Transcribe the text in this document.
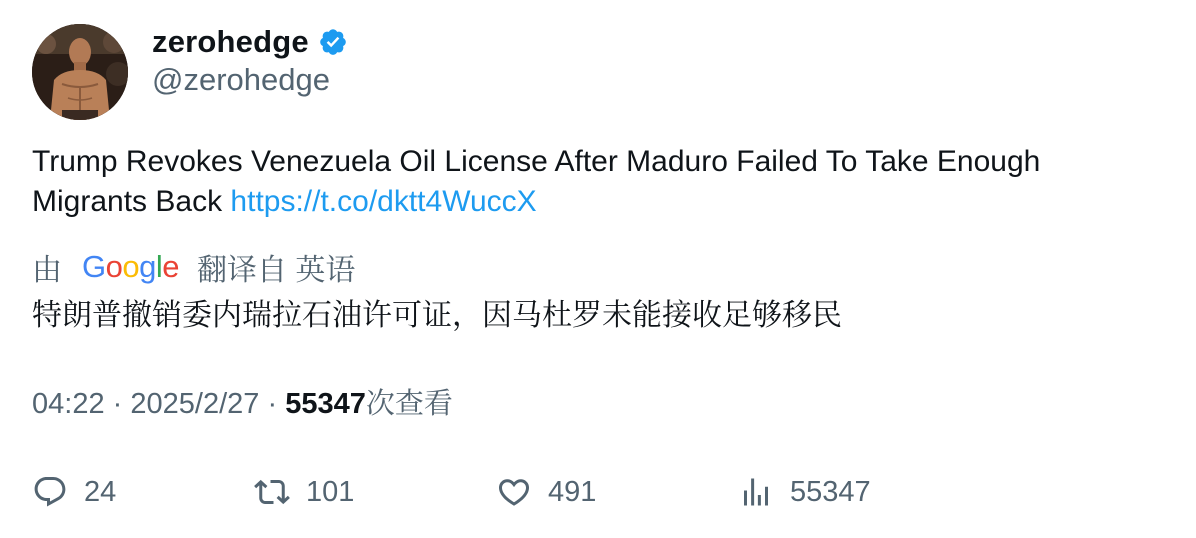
zerohedge
@zerohedge
Trump Revokes Venezuela Oil License After Maduro Failed To Take Enough Migrants Back https://t.co/dktt4WuccX
由 Google 翻译自 英语
特朗普撤销委内瑞拉石油许可证，因马杜罗未能接收足够移民
04:22 · 2025/2/27 · 55347次查看
24	101	491	55347
